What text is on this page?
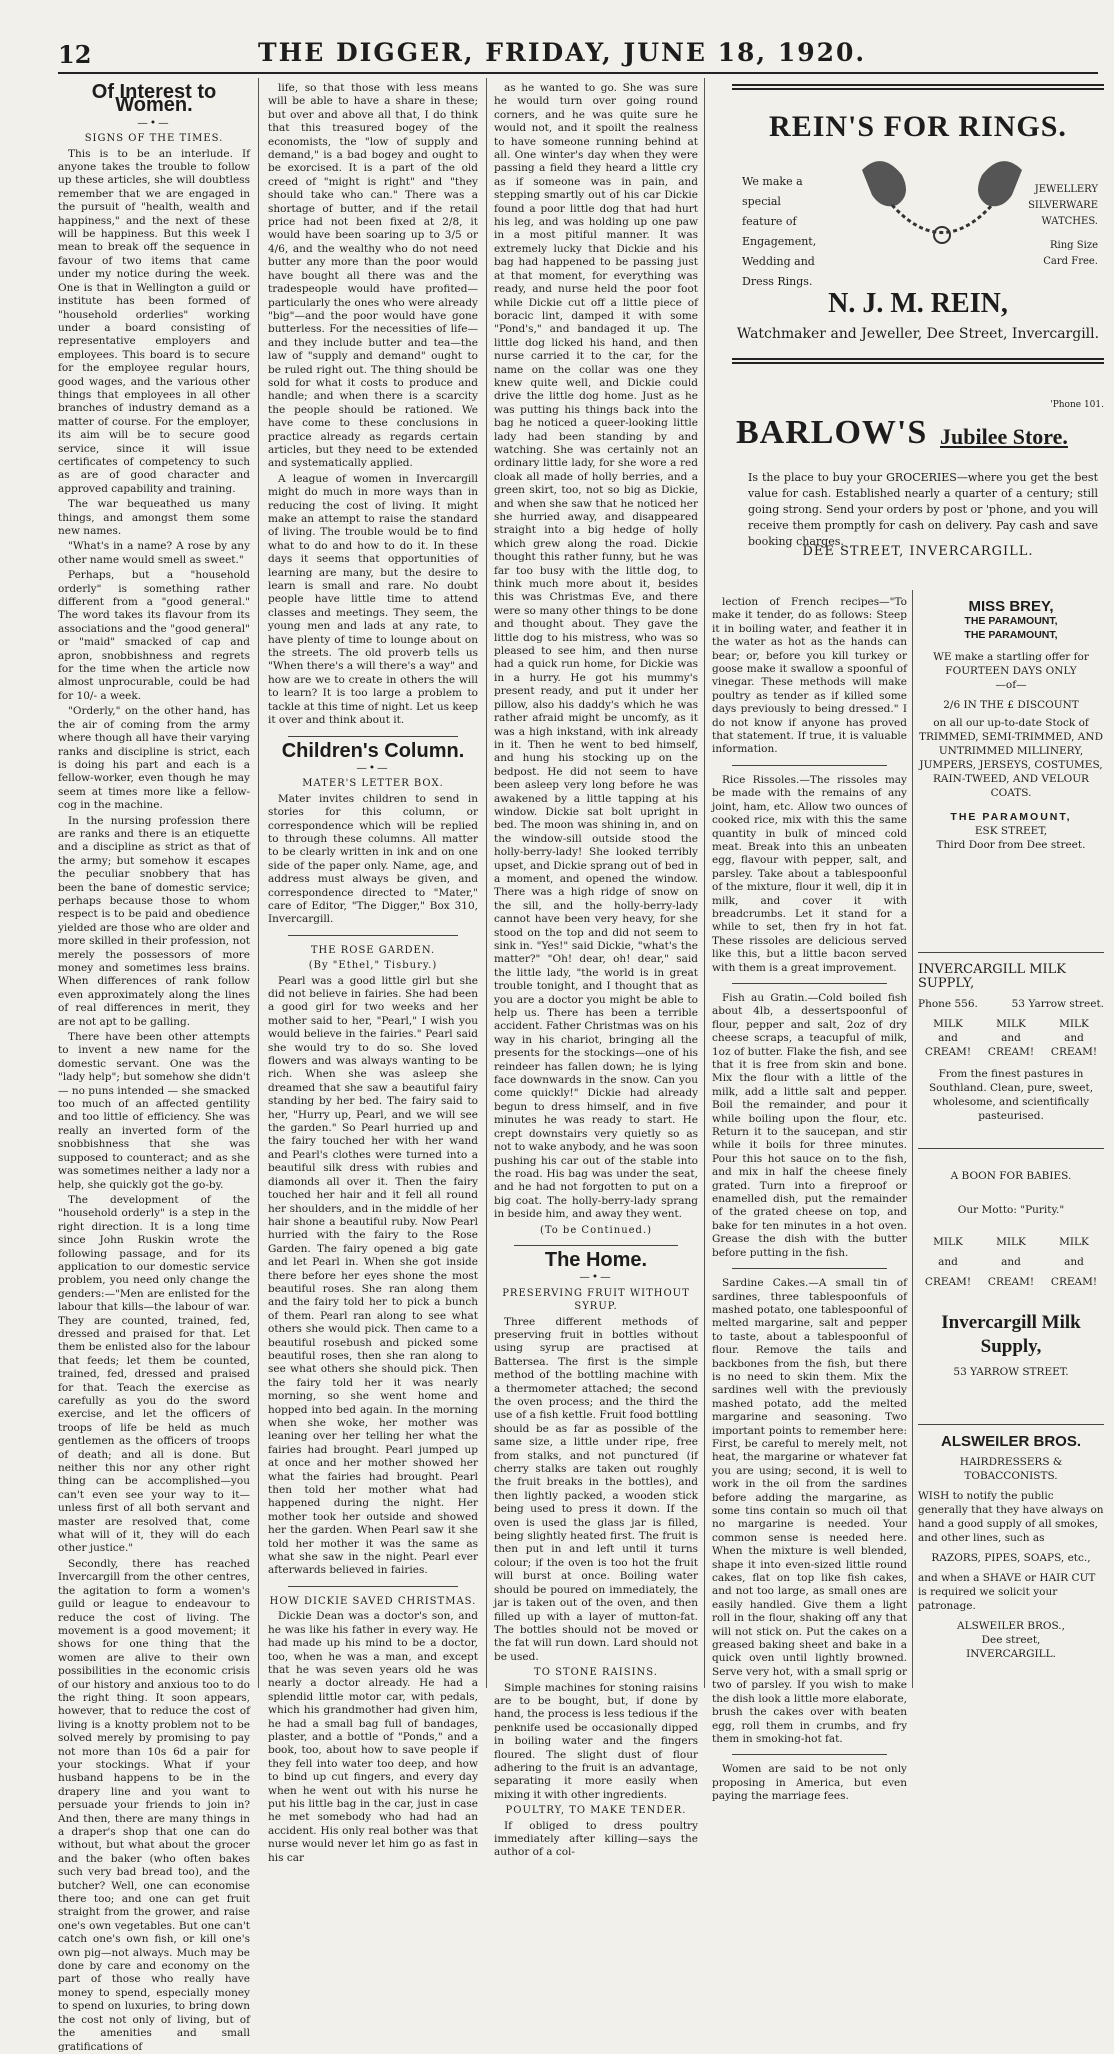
12	THE DIGGER, FRIDAY, JUNE 18, 1920.
Of Interest to Women.
—•—

SIGNS OF THE TIMES.

This is to be an interlude. If anyone takes the trouble to follow up these articles, she will doubtless remember that we are engaged in the pursuit of "health, wealth and happiness," and the next of these will be happiness. But this week I mean to break off the sequence in favour of two items that came under my notice during the week. One is that in Wellington a guild or institute has been formed of "household orderlies" working under a board consisting of representative employers and employees. This board is to secure for the employee regular hours, good wages, and the various other things that employees in all other branches of industry demand as a matter of course. For the employer, its aim will be to secure good service, since it will issue certificates of competency to such as are of good character and approved capability and training.

The war bequeathed us many things, and amongst them some new names.

"What's in a name? A rose by any other name would smell as sweet."

Perhaps, but a "household orderly" is something rather different from a "good general." The word takes its flavour from its associations and the "good general" or "maid" smacked of cap and apron, snobbishness and regrets for the time when the article now almost unprocurable, could be had for 10/- a week.

"Orderly," on the other hand, has the air of coming from the army where though all have their varying ranks and discipline is strict, each is doing his part and each is a fellow-worker, even though he may seem at times more like a fellow-cog in the machine.

In the nursing profession there are ranks and there is an etiquette and a discipline as strict as that of the army; but somehow it escapes the peculiar snobbery that has been the bane of domestic service; perhaps because those to whom respect is to be paid and obedience yielded are those who are older and more skilled in their profession, not merely the possessors of more money and sometimes less brains. When differences of rank follow even approximately along the lines of real differences in merit, they are not apt to be galling.

There have been other attempts to invent a new name for the domestic servant. One was the "lady help"; but somehow she didn't — no puns intended — she smacked too much of an affected gentility and too little of efficiency. She was really an inverted form of the snobbishness that she was supposed to counteract; and as she was sometimes neither a lady nor a help, she quickly got the go-by.

The development of the "household orderly" is a step in the right direction. It is a long time since John Ruskin wrote the following passage, and for its application to our domestic service problem, you need only change the genders:—"Men are enlisted for the labour that kills—the labour of war. They are counted, trained, fed, dressed and praised for that. Let them be enlisted also for the labour that feeds; let them be counted, trained, fed, dressed and praised for that. Teach the exercise as carefully as you do the sword exercise, and let the officers of troops of life be held as much gentlemen as the officers of troops of death; and all is done. But neither this nor any other right thing can be accomplished—you can't even see your way to it—unless first of all both servant and master are resolved that, come what will of it, they will do each other justice."

Secondly, there has reached Invercargill from the other centres, the agitation to form a women's guild or league to endeavour to reduce the cost of living. The movement is a good movement; it shows for one thing that the women are alive to their own possibilities in the economic crisis of our history and anxious too to do the right thing. It soon appears, however, that to reduce the cost of living is a knotty problem not to be solved merely by promising to pay not more than 10s 6d a pair for your stockings. What if your husband happens to be in the drapery line and you want to persuade your friends to join in? And then, there are many things in a draper's shop that one can do without, but what about the grocer and the baker (who often bakes such very bad bread too), and the butcher? Well, one can economise there too; and one can get fruit straight from the grower, and raise one's own vegetables. But one can't catch one's own fish, or kill one's own pig—not always. Much may be done by care and economy on the part of those who really have money to spend, especially money to spend on luxuries, to bring down the cost not only of living, but of the amenities and small gratifications of

life, so that those with less means will be able to have a share in these; but over and above all that, I do think that this treasured bogey of the economists, the "low of supply and demand," is a bad bogey and ought to be exorcised. It is a part of the old creed of "might is right" and "they should take who can." There was a shortage of butter, and if the retail price had not been fixed at 2/8, it would have been soaring up to 3/5 or 4/6, and the wealthy who do not need butter any more than the poor would have bought all there was and the tradespeople would have profited—particularly the ones who were already "big"—and the poor would have gone butterless. For the necessities of life—and they include butter and tea—the law of "supply and demand" ought to be ruled right out. The thing should be sold for what it costs to produce and handle; and when there is a scarcity the people should be rationed. We have come to these conclusions in practice already as regards certain articles, but they need to be extended and systematically applied.

A league of women in Invercargill might do much in more ways than in reducing the cost of living. It might make an attempt to raise the standard of living. The trouble would be to find what to do and how to do it. In these days it seems that opportunities of learning are many, but the desire to learn is small and rare. No doubt people have little time to attend classes and meetings. They seem, the young men and lads at any rate, to have plenty of time to lounge about on the streets. The old proverb tells us "When there's a will there's a way" and how are we to create in others the will to learn? It is too large a problem to tackle at this time of night. Let us keep it over and think about it.

Children's Column.
—•—

MATER'S LETTER BOX.

Mater invites children to send in stories for this column, or correspondence which will be replied to through these columns. All matter to be clearly written in ink and on one side of the paper only. Name, age, and address must always be given, and correspondence directed to "Mater," care of Editor, "The Digger," Box 310, Invercargill.

THE ROSE GARDEN.

(By "Ethel," Tisbury.)

Pearl was a good little girl but she did not believe in fairies. She had been a good girl for two weeks and her mother said to her, "Pearl," I wish you would believe in the fairies." Pearl said she would try to do so. She loved flowers and was always wanting to be rich. When she was asleep she dreamed that she saw a beautiful fairy standing by her bed. The fairy said to her, "Hurry up, Pearl, and we will see the garden." So Pearl hurried up and the fairy touched her with her wand and Pearl's clothes were turned into a beautiful silk dress with rubies and diamonds all over it. Then the fairy touched her hair and it fell all round her shoulders, and in the middle of her hair shone a beautiful ruby. Now Pearl hurried with the fairy to the Rose Garden. The fairy opened a big gate and let Pearl in. When she got inside there before her eyes shone the most beautiful roses. She ran along them and the fairy told her to pick a bunch of them. Pearl ran along to see what others she would pick. Then came to a beautiful rosebush and picked some beautiful roses, then she ran along to see what others she should pick. Then the fairy told her it was nearly morning, so she went home and hopped into bed again. In the morning when she woke, her mother was leaning over her telling her what the fairies had brought. Pearl jumped up at once and her mother showed her what the fairies had brought. Pearl then told her mother what had happened during the night. Her mother took her outside and showed her the garden. When Pearl saw it she told her mother it was the same as what she saw in the night. Pearl ever afterwards believed in fairies.

HOW DICKIE SAVED CHRISTMAS.

Dickie Dean was a doctor's son, and he was like his father in every way. He had made up his mind to be a doctor, too, when he was a man, and except that he was seven years old he was nearly a doctor already. He had a splendid little motor car, with pedals, which his grandmother had given him, he had a small bag full of bandages, plaster, and a bottle of "Ponds," and a book, too, about how to save people if they fell into water too deep, and how to bind up cut fingers, and every day when he went out with his nurse he put his little bag in the car, just in case he met somebody who had had an accident. His only real bother was that nurse would never let him go as fast in his car

as he wanted to go. She was sure he would turn over going round corners, and he was quite sure he would not, and it spoilt the realness to have someone running behind at all. One winter's day when they were passing a field they heard a little cry as if someone was in pain, and stepping smartly out of his car Dickie found a poor little dog that had hurt his leg, and was holding up one paw in a most pitiful manner. It was extremely lucky that Dickie and his bag had happened to be passing just at that moment, for everything was ready, and nurse held the poor foot while Dickie cut off a little piece of boracic lint, damped it with some "Pond's," and bandaged it up. The little dog licked his hand, and then nurse carried it to the car, for the name on the collar was one they knew quite well, and Dickie could drive the little dog home. Just as he was putting his things back into the bag he noticed a queer-looking little lady had been standing by and watching. She was certainly not an ordinary little lady, for she wore a red cloak all made of holly berries, and a green skirt, too, not so big as Dickie, and when she saw that he noticed her she hurried away, and disappeared straight into a big hedge of holly which grew along the road. Dickie thought this rather funny, but he was far too busy with the little dog, to think much more about it, besides this was Christmas Eve, and there were so many other things to be done and thought about. They gave the little dog to his mistress, who was so pleased to see him, and then nurse had a quick run home, for Dickie was in a hurry. He got his mummy's present ready, and put it under her pillow, also his daddy's which he was rather afraid might be uncomfy, as it was a high inkstand, with ink already in it. Then he went to bed himself, and hung his stocking up on the bedpost. He did not seem to have been asleep very long before he was awakened by a little tapping at his window. Dickie sat bolt upright in bed. The moon was shining in, and on the window-sill outside stood the holly-berry-lady! She looked terribly upset, and Dickie sprang out of bed in a moment, and opened the window. There was a high ridge of snow on the sill, and the holly-berry-lady cannot have been very heavy, for she stood on the top and did not seem to sink in. "Yes!" said Dickie, "what's the matter?" "Oh! dear, oh! dear," said the little lady, "the world is in great trouble tonight, and I thought that as you are a doctor you might be able to help us. There has been a terrible accident. Father Christmas was on his way in his chariot, bringing all the presents for the stockings—one of his reindeer has fallen down; he is lying face downwards in the snow. Can you come quickly!" Dickie had already begun to dress himself, and in five minutes he was ready to start. He crept downstairs very quietly so as not to wake anybody, and he was soon pushing his car out of the stable into the road. His bag was under the seat, and he had not forgotten to put on a big coat. The holly-berry-lady sprang in beside him, and away they went.

(To be Continued.)

The Home.
—•—

PRESERVING FRUIT WITHOUT SYRUP.

Three different methods of preserving fruit in bottles without using syrup are practised at Battersea. The first is the simple method of the bottling machine with a thermometer attached; the second the oven process; and the third the use of a fish kettle. Fruit food bottling should be as far as possible of the same size, a little under ripe, free from stalks, and not punctured (if cherry stalks are taken out roughly the fruit breaks in the bottles), and then lightly packed, a wooden stick being used to press it down. If the oven is used the glass jar is filled, being slightly heated first. The fruit is then put in and left until it turns colour; if the oven is too hot the fruit will burst at once. Boiling water should be poured on immediately, the jar is taken out of the oven, and then filled up with a layer of mutton-fat. The bottles should not be moved or the fat will run down. Lard should not be used.

TO STONE RAISINS.

Simple machines for stoning raisins are to be bought, but, if done by hand, the process is less tedious if the penknife used be occasionally dipped in boiling water and the fingers floured. The slight dust of flour adhering to the fruit is an advantage, separating it more easily when mixing it with other ingredients.

POULTRY, TO MAKE TENDER.

If obliged to dress poultry immediately after killing—says the author of a col-

REIN'S FOR RINGS.
We make a special feature of Engagement, Wedding and Dress Rings.
JEWELLERY SILVERWARE WATCHES.
Ring Size Card Free.
N. J. M. REIN,
Watchmaker and Jeweller, Dee Street, Invercargill.
'Phone 101.
BARLOW'S Jubilee Store.
Is the place to buy your GROCERIES—where you get the best value for cash. Established nearly a quarter of a century; still going strong. Send your orders by post or 'phone, and you will receive them promptly for cash on delivery. Pay cash and save booking charges.
DEE STREET, INVERCARGILL.

lection of French recipes—"To make it tender, do as follows: Steep it in boiling water, and feather it in the water as hot as the hands can bear; or, before you kill turkey or goose make it swallow a spoonful of vinegar. These methods will make poultry as tender as if killed some days previously to being dressed." I do not know if anyone has proved that statement. If true, it is valuable information.

Rice Rissoles.—The rissoles may be made with the remains of any joint, ham, etc. Allow two ounces of cooked rice, mix with this the same quantity in bulk of minced cold meat. Break into this an unbeaten egg, flavour with pepper, salt, and parsley. Take about a tablespoonful of the mixture, flour it well, dip it in milk, and cover it with breadcrumbs. Let it stand for a while to set, then fry in hot fat. These rissoles are delicious served like this, but a little bacon served with them is a great improvement.

Fish au Gratin.—Cold boiled fish about 4lb, a dessertspoonful of flour, pepper and salt, 2oz of dry cheese scraps, a teacupful of milk, 1oz of butter. Flake the fish, and see that it is free from skin and bone. Mix the flour with a little of the milk, add a little salt and pepper. Boil the remainder, and pour it while boiling upon the flour, etc. Return it to the saucepan, and stir while it boils for three minutes. Pour this hot sauce on to the fish, and mix in half the cheese finely grated. Turn into a fireproof or enamelled dish, put the remainder of the grated cheese on top, and bake for ten minutes in a hot oven. Grease the dish with the butter before putting in the fish.

Sardine Cakes.—A small tin of sardines, three tablespoonfuls of mashed potato, one tablespoonful of melted margarine, salt and pepper to taste, about a tablespoonful of flour. Remove the tails and backbones from the fish, but there is no need to skin them. Mix the sardines well with the previously mashed potato, add the melted margarine and seasoning. Two important points to remember here: First, be careful to merely melt, not heat, the margarine or whatever fat you are using; second, it is well to work in the oil from the sardines before adding the margarine, as some tins contain so much oil that no margarine is needed. Your common sense is needed here. When the mixture is well blended, shape it into even-sized little round cakes, flat on top like fish cakes, and not too large, as small ones are easily handled. Give them a light roll in the flour, shaking off any that will not stick on. Put the cakes on a greased baking sheet and bake in a quick oven until lightly browned. Serve very hot, with a small sprig or two of parsley. If you wish to make the dish look a little more elaborate, brush the cakes over with beaten egg, roll them in crumbs, and fry them in smoking-hot fat.

Women are said to be not only proposing in America, but even paying the marriage fees.

MISS BREY,
THE PARAMOUNT,
THE PARAMOUNT,
WE make a startling offer for FOURTEEN DAYS ONLY
—of—
2/6 IN THE £ DISCOUNT
on all our up-to-date Stock of TRIMMED, SEMI-TRIMMED, AND UNTRIMMED MILLINERY, JUMPERS, JERSEYS, COSTUMES, RAIN-TWEED, AND VELOUR COATS.
THE PARAMOUNT,
ESK STREET,
Third Door from Dee street.
INVERCARGILL MILK SUPPLY,
Phone 556.	53 Yarrow street.
MILK	MILK	MILK
and	and	and
CREAM!	CREAM!	CREAM!
From the finest pastures in Southland. Clean, pure, sweet, wholesome, and scientifically pasteurised.
A BOON FOR BABIES.
Our Motto: "Purity."
MILK	MILK	MILK
and	and	and
CREAM!	CREAM!	CREAM!
Invercargill Milk Supply,
53 YARROW STREET.
ALSWEILER BROS.
HAIRDRESSERS & TOBACCONISTS.
WISH to notify the public generally that they have always on hand a good supply of all smokes, and other lines, such as
RAZORS, PIPES, SOAPS, etc.,
and when a SHAVE or HAIR CUT is required we solicit your patronage.
ALSWEILER BROS.,
Dee street,
INVERCARGILL.
